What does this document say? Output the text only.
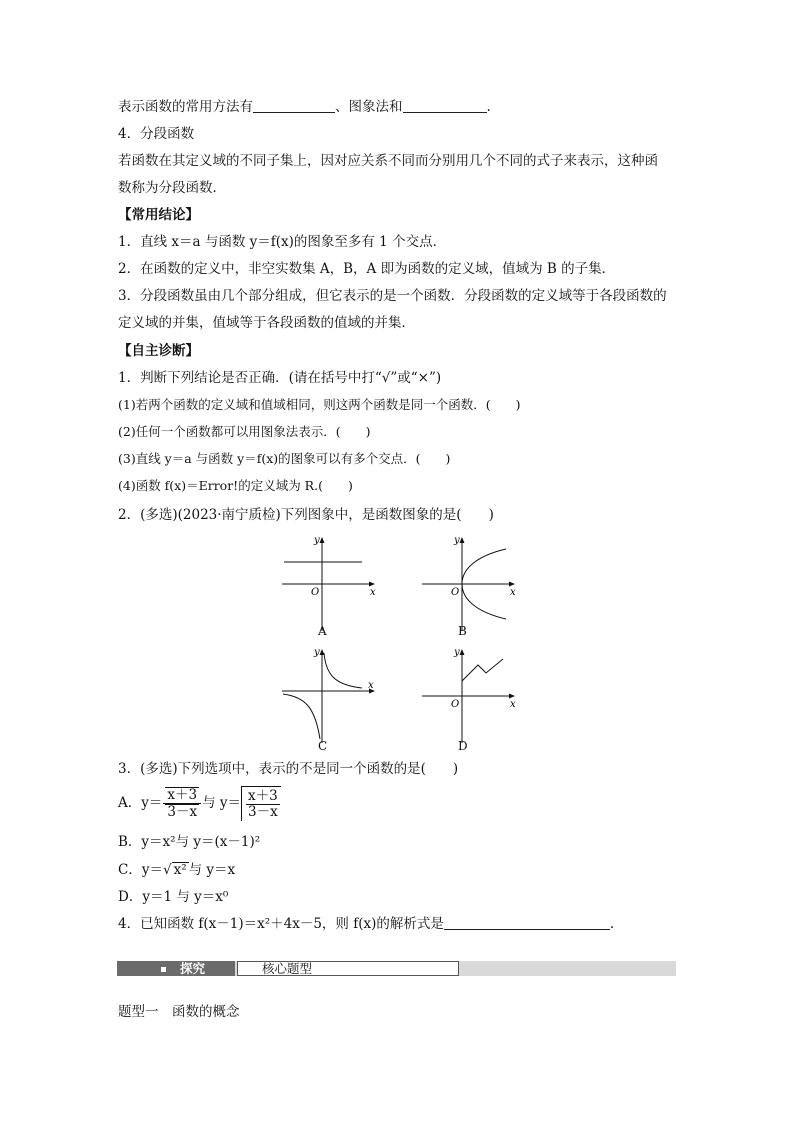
表示函数的常用方法有	、图象法和	.
4．分段函数
若函数在其定义域的不同子集上，因对应关系不同而分别用几个不同的式子来表示，这种函
数称为分段函数．
【常用结论】
1．直线 x＝a 与函数 y＝f(x)的图象至多有 1 个交点．
2．在函数的定义中，非空实数集 A，B，A 即为函数的定义域，值域为 B 的子集．
3．分段函数虽由几个部分组成，但它表示的是一个函数．分段函数的定义域等于各段函数的
定义域的并集，值域等于各段函数的值域的并集．
【自主诊断】
1．判断下列结论是否正确．(请在括号中打“√”或“×”)
(1)若两个函数的定义域和值域相同，则这两个函数是同一个函数．(　　)
(2)任何一个函数都可以用图象法表示．(　　)
(3)直线 y＝a 与函数 y＝f(x)的图象可以有多个交点．(　　)
(4)函数 f(x)＝Error!的定义域为 R.(　　)
2．(多选)(2023·南宁质检)下列图象中，是函数图象的是(　　)
y
x
O
A
y
x
O
B
y
x
C
y
x
O
D
3．(多选)下列选项中，表示的不是同一个函数的是(　　)
A．$y= \frac{x+3}{3-x}$ 与 $y= \frac{x+3}{3-x}$
B．y＝x²与 y＝(x－1)²
C．y＝√ x² 与 y＝x
D．y＝1 与 y＝x⁰
4．已知函数 f(x－1)＝x²＋4x－5，则 f(x)的解析式是	.
探究	核心题型
题型一　函数的概念
